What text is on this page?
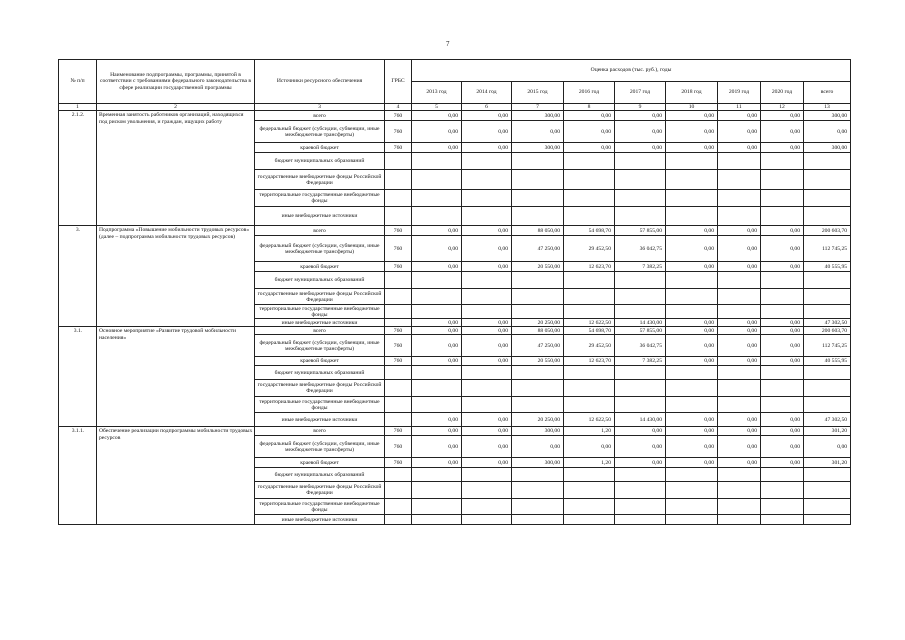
7
№ п/п	Наименование подпрограммы, программы, принятой в соответствии с требованиями федерального законодательства в сфере реализации государственной программы	Источники ресурсного обеспечения	ГРБС	Оценка расходов (тыс. руб.), годы								
				2013 год	2014 год	2015 год	2016 год	2017 год	2018 год	2019 год	2020 год	всего
1	2	3	4	5	6	7	8	9	10	11	12	13
2.1.2.	Временная занятость работников организаций, находящихся под риском увольнения, и граждан, ищущих работу	всего	760	0,00	0,00	300,00	0,00	0,00	0,00	0,00	0,00	300,00
		федеральный бюджет (субсидии, субвенции, иные межбюджетные трансферты)	760	0,00	0,00	0,00	0,00	0,00	0,00	0,00	0,00	0,00
		краевой бюджет	760	0,00	0,00	300,00	0,00	0,00	0,00	0,00	0,00	300,00
		бюджет муниципальных образований										
		государственные внебюджетные фонды Российской Федерации										
		территориальные государственные внебюджетные фонды										
		иные внебюджетные источники										
3.	Подпрограмма «Повышение мобильности трудовых ресурсов» (далее – подпрограмма мобильности трудовых ресурсов)	всего	760	0,00	0,00	88 050,00	54 698,70	57 855,00	0,00	0,00	0,00	200 603,70
		федеральный бюджет (субсидии, субвенции, иные межбюджетные трансферты)	760	0,00	0,00	47 250,00	29 452,50	36 042,75	0,00	0,00	0,00	112 745,25
		краевой бюджет	760	0,00	0,00	20 550,00	12 623,70	7 382,25	0,00	0,00	0,00	40 555,95
		бюджет муниципальных образований										
		государственные внебюджетные фонды Российской Федерации										
		территориальные государственные внебюджетные фонды										
		иные внебюджетные источники		0,00	0,00	20 250,00	12 622,50	14 430,00	0,00	0,00	0,00	47 302,50
3.1.	Основное мероприятие «Развитие трудовой мобильности населения»	всего	760	0,00	0,00	88 050,00	54 698,70	57 855,00	0,00	0,00	0,00	200 603,70
		федеральный бюджет (субсидии, субвенции, иные межбюджетные трансферты)	760	0,00	0,00	47 250,00	29 452,50	36 042,75	0,00	0,00	0,00	112 745,25
		краевой бюджет	760	0,00	0,00	20 550,00	12 623,70	7 382,25	0,00	0,00	0,00	40 555,95
		бюджет муниципальных образований										
		государственные внебюджетные фонды Российской Федерации										
		территориальные государственные внебюджетные фонды										
		иные внебюджетные источники		0,00	0,00	20 250,00	12 622,50	14 430,00	0,00	0,00	0,00	47 302,50
3.1.1.	Обеспечение реализации подпрограммы мобильности трудовых ресурсов	всего	760	0,00	0,00	300,00	1,20	0,00	0,00	0,00	0,00	301,20
		федеральный бюджет (субсидии, субвенции, иные межбюджетные трансферты)	760	0,00	0,00	0,00	0,00	0,00	0,00	0,00	0,00	0,00
		краевой бюджет	760	0,00	0,00	300,00	1,20	0,00	0,00	0,00	0,00	301,20
		бюджет муниципальных образований										
		государственные внебюджетные фонды Российской Федерации										
		территориальные государственные внебюджетные фонды										
		иные внебюджетные источники										
